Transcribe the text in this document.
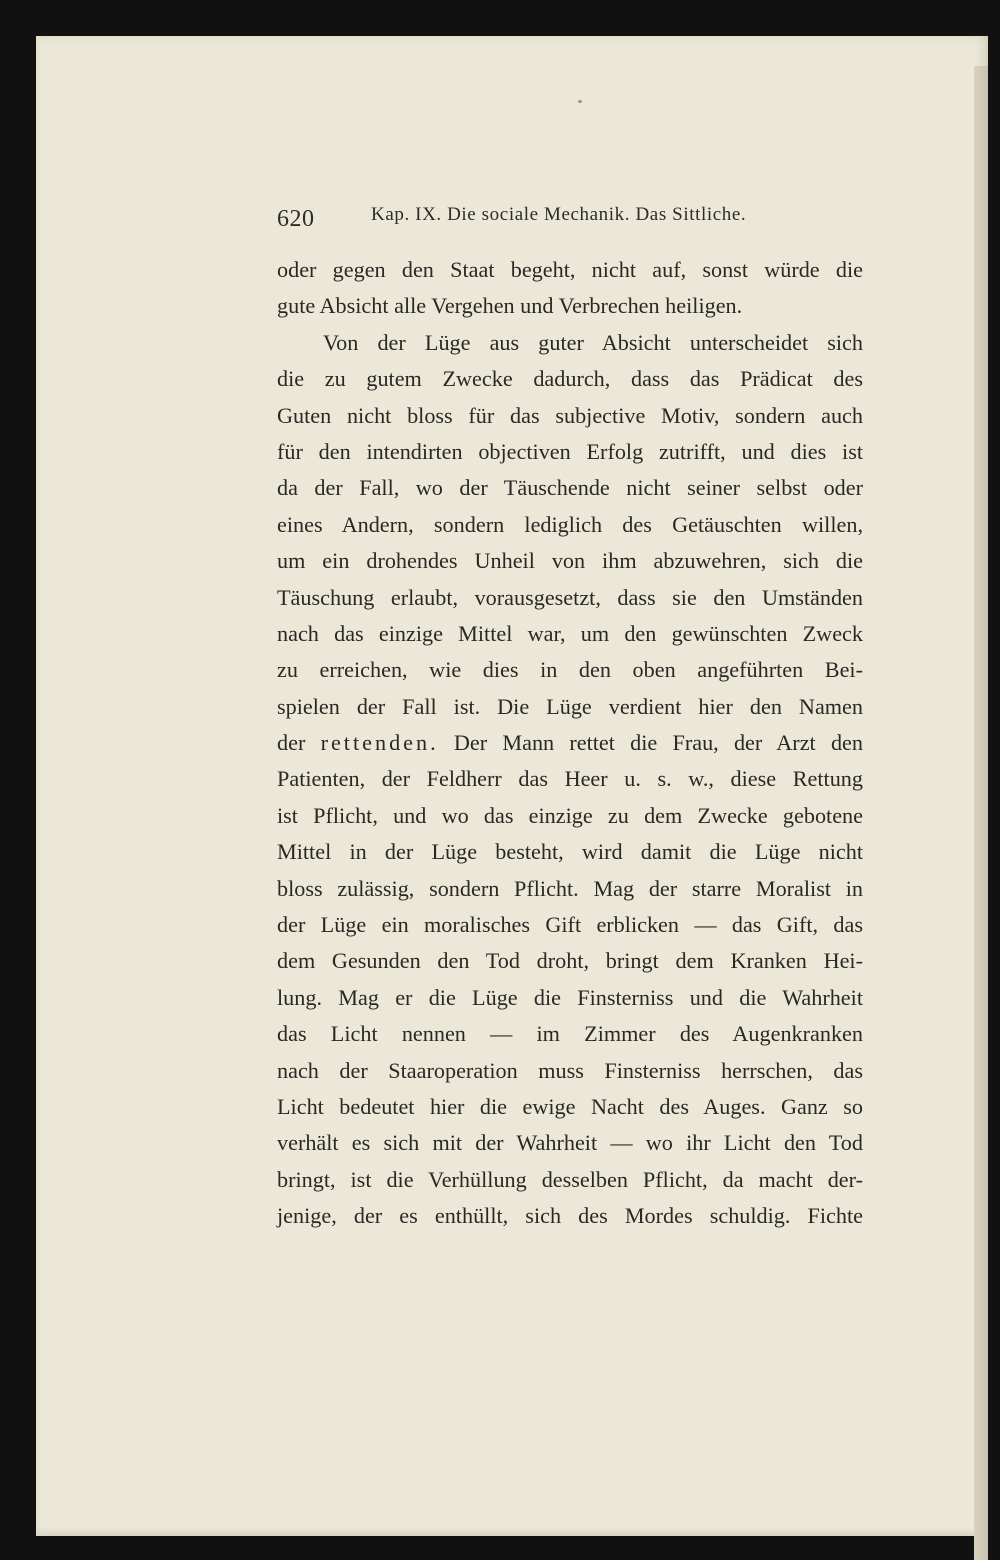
620	Kap. IX. Die sociale Mechanik. Das Sittliche.
oder gegen den Staat begeht, nicht auf, sonst würde die
gute Absicht alle Vergehen und Verbrechen heiligen.
Von der Lüge aus guter Absicht unterscheidet sich
die zu gutem Zwecke dadurch, dass das Prädicat des
Guten nicht bloss für das subjective Motiv, sondern auch
für den intendirten objectiven Erfolg zutrifft, und dies ist
da der Fall, wo der Täuschende nicht seiner selbst oder
eines Andern, sondern lediglich des Getäuschten willen,
um ein drohendes Unheil von ihm abzuwehren, sich die
Täuschung erlaubt, vorausgesetzt, dass sie den Umständen
nach das einzige Mittel war, um den gewünschten Zweck
zu erreichen, wie dies in den oben angeführten Bei-
spielen der Fall ist. Die Lüge verdient hier den Namen
der rettenden. Der Mann rettet die Frau, der Arzt den
Patienten, der Feldherr das Heer u. s. w., diese Rettung
ist Pflicht, und wo das einzige zu dem Zwecke gebotene
Mittel in der Lüge besteht, wird damit die Lüge nicht
bloss zulässig, sondern Pflicht. Mag der starre Moralist in
der Lüge ein moralisches Gift erblicken — das Gift, das
dem Gesunden den Tod droht, bringt dem Kranken Hei-
lung. Mag er die Lüge die Finsterniss und die Wahrheit
das Licht nennen — im Zimmer des Augenkranken
nach der Staaroperation muss Finsterniss herrschen, das
Licht bedeutet hier die ewige Nacht des Auges. Ganz so
verhält es sich mit der Wahrheit — wo ihr Licht den Tod
bringt, ist die Verhüllung desselben Pflicht, da macht der-
jenige, der es enthüllt, sich des Mordes schuldig. Fichte
